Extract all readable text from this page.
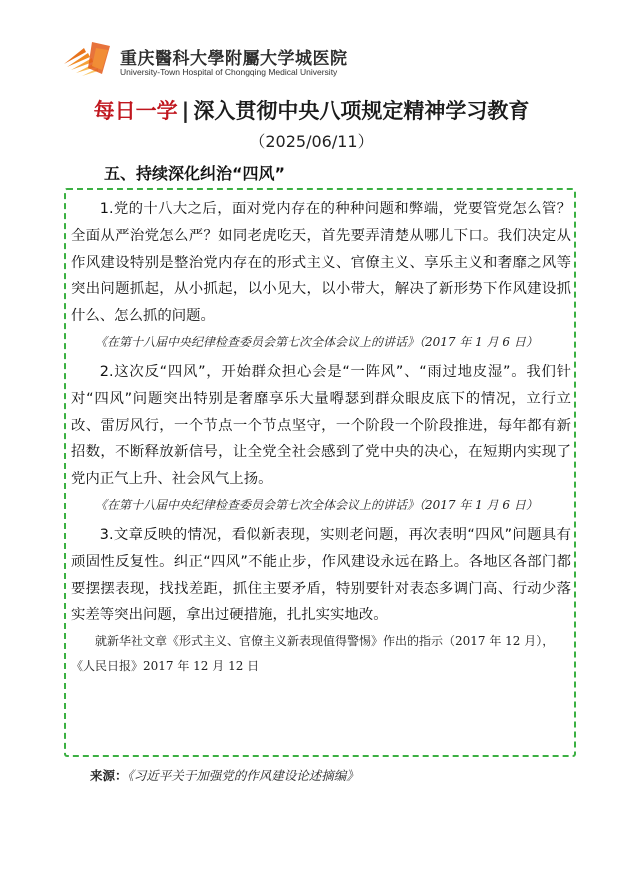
重庆醫科大學附屬大学城医院
University-Town Hospital of Chongqing Medical University
每日一学 | 深入贯彻中央八项规定精神学习教育
（2025/06/11）
五、持续深化纠治“四风”

1.党的十八大之后，面对党内存在的种种问题和弊端，党要管党怎么管？全面从严治党怎么严？如同老虎吃天，首先要弄清楚从哪儿下口。我们决定从作风建设特别是整治党内存在的形式主义、官僚主义、享乐主义和奢靡之风等突出问题抓起，从小抓起，以小见大，以小带大，解决了新形势下作风建设抓什么、怎么抓的问题。

《在第十八届中央纪律检查委员会第七次全体会议上的讲话》（2017 年 1 月 6 日）

2.这次反“四风”，开始群众担心会是“一阵风”、“雨过地皮湿”。我们针对“四风”问题突出特别是奢靡享乐大量嘚瑟到群众眼皮底下的情况，立行立改、雷厉风行，一个节点一个节点坚守，一个阶段一个阶段推进，每年都有新招数，不断释放新信号，让全党全社会感到了党中央的决心，在短期内实现了党内正气上升、社会风气上扬。

《在第十八届中央纪律检查委员会第七次全体会议上的讲话》（2017 年 1 月 6 日）

3.文章反映的情况，看似新表现，实则老问题，再次表明“四风”问题具有顽固性反复性。纠正“四风”不能止步，作风建设永远在路上。各地区各部门都要摆摆表现，找找差距，抓住主要矛盾，特别要针对表态多调门高、行动少落实差等突出问题，拿出过硬措施，扎扎实实地改。

就新华社文章《形式主义、官僚主义新表现值得警惕》作出的指示（2017 年 12 月），《人民日报》2017 年 12 月 12 日

来源：《习近平关于加强党的作风建设论述摘编》
